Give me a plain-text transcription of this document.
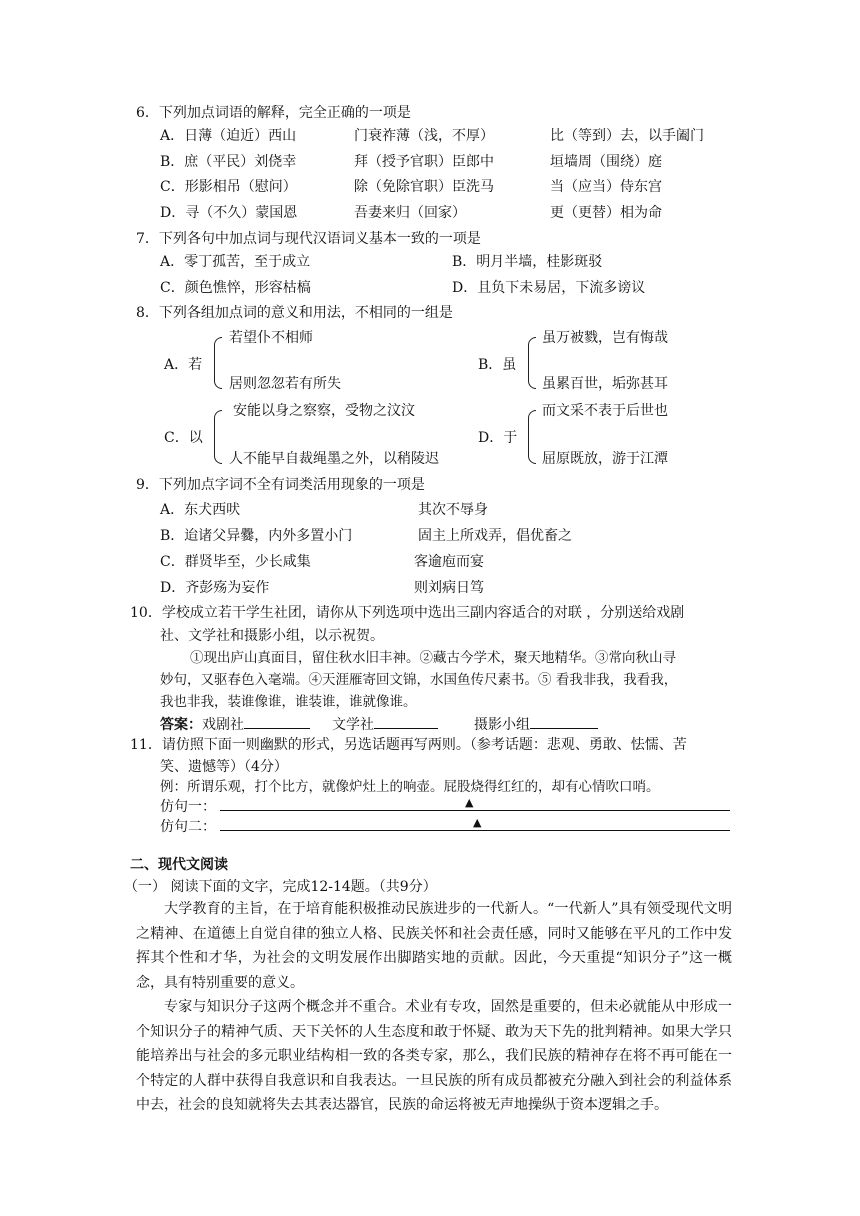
6．下列加点词语的解释，完全正确的一项是
A．日薄（迫近）西山	门衰祚薄（浅，不厚）	比（等到）去，以手阖门
B．庶（平民）刘侥幸	拜（授予官职）臣郎中	垣墙周（围绕）庭
C．形影相吊（慰问）	除（免除官职）臣洗马	当（应当）侍东宫
D．寻（不久）蒙国恩	吾妻来归（回家）	更（更替）相为命
7．下列各句中加点词与现代汉语词义基本一致的一项是
A．零丁孤苦，至于成立	B．明月半墙，桂影斑驳
C．颜色憔悴，形容枯槁	D．且负下未易居，下流多谤议
8．下列各组加点词的意义和用法，不相同的一组是
A．若
若望仆不相师
居则忽忽若有所失
B．虽
虽万被戮，岂有悔哉
虽累百世，垢弥甚耳
C．以
安能以身之察察，受物之汶汶
人不能早自裁绳墨之外，以稍陵迟
D．于
而文采不表于后世也
屈原既放，游于江潭
9．下列加点字词不全有词类活用现象的一项是
A．东犬西吠	其次不辱身
B．迨诸父异爨，内外多置小门	固主上所戏弄，倡优畜之
C．群贤毕至，少长咸集	客逾庖而宴
D．齐彭殇为妄作	则刘病日笃
10．学校成立若干学生社团，请你从下列选项中选出三副内容适合的对联 ，分别送给戏剧
社、文学社和摄影小组，以示祝贺。
①现出庐山真面目，留住秋水旧丰神。②藏古今学术，聚天地精华。③常向秋山寻
妙句，又驱春色入毫端。④天涯雁寄回文锦，水国鱼传尺素书。⑤ 看我非我，我看我，
我也非我，装谁像谁，谁装谁，谁就像谁。
答案：戏剧社	文学社	摄影小组
11．请仿照下面一则幽默的形式，另选话题再写两则。（参考话题：悲观、勇敢、怯懦、苦
笑、遗憾等）（4分）
例：所谓乐观，打个比方，就像炉灶上的响壶。屁股烧得红红的，却有心情吹口哨。
仿句一：	▲
仿句二：	▲
二、现代文阅读
（一） 阅读下面的文字，完成12-14题。（共9分）
大学教育的主旨，在于培育能积极推动民族进步的一代新人。“一代新人”具有领受现代文明之精神、在道德上自觉自律的独立人格、民族关怀和社会责任感，同时又能够在平凡的工作中发挥其个性和才华，为社会的文明发展作出脚踏实地的贡献。因此，今天重提“知识分子”这一概念，具有特别重要的意义。
专家与知识分子这两个概念并不重合。术业有专攻，固然是重要的，但未必就能从中形成一个知识分子的精神气质、天下关怀的人生态度和敢于怀疑、敢为天下先的批判精神。如果大学只能培养出与社会的多元职业结构相一致的各类专家，那么，我们民族的精神存在将不再可能在一个特定的人群中获得自我意识和自我表达。一旦民族的所有成员都被充分融入到社会的利益体系中去，社会的良知就将失去其表达器官，民族的命运将被无声地操纵于资本逻辑之手。
